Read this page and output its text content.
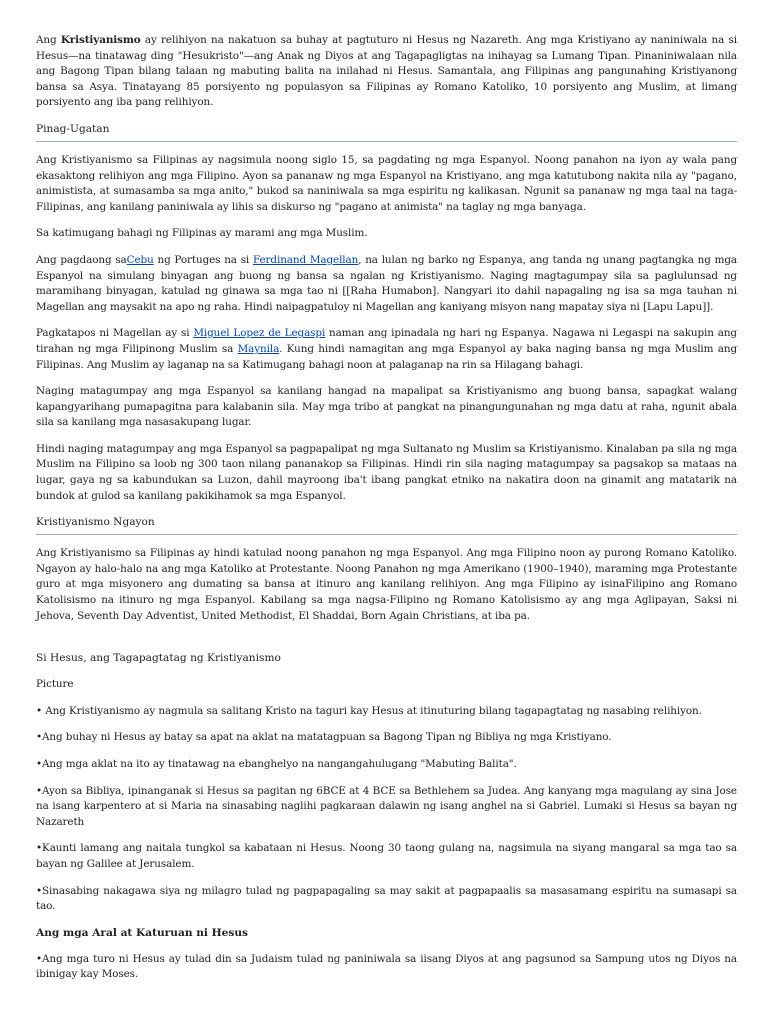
Ang Kristiyanismo ay relihiyon na nakatuon sa buhay at pagtuturo ni Hesus ng Nazareth. Ang mga Kristiyano ay naniniwala na si Hesus—na tinatawag ding "Hesukristo"—ang Anak ng Diyos at ang Tagapagligtas na inihayag sa Lumang Tipan. Pinaniniwalaan nila ang Bagong Tipan bilang talaan ng mabuting balita na inilahad ni Hesus. Samantala, ang Filipinas ang pangunahing Kristiyanong bansa sa Asya. Tinatayang 85 porsiyento ng populasyon sa Filipinas ay Romano Katoliko, 10 porsiyento ang Muslim, at limang porsiyento ang iba pang relihiyon.

Pinag-Ugatan

Ang Kristiyanismo sa Filipinas ay nagsimula noong siglo 15, sa pagdating ng mga Espanyol. Noong panahon na iyon ay wala pang ekasaktong relihiyon ang mga Filipino. Ayon sa pananaw ng mga Espanyol na Kristiyano, ang mga katutubong nakita nila ay "pagano, animistista, at sumasamba sa mga anito," bukod sa naniniwala sa mga espiritu ng kalikasan. Ngunit sa pananaw ng mga taal na taga-Filipinas, ang kanilang paniniwala ay lihis sa diskurso ng "pagano at animista" na taglay ng mga banyaga.

Sa katimugang bahagi ng Filipinas ay marami ang mga Muslim.

Ang pagdaong saCebu ng Portuges na si Ferdinand Magellan, na lulan ng barko ng Espanya, ang tanda ng unang pagtangka ng mga Espanyol na simulang binyagan ang buong ng bansa sa ngalan ng Kristiyanismo. Naging magtagumpay sila sa paglulunsad ng maramihang binyagan, katulad ng ginawa sa mga tao ni [[Raha Humabon]. Nangyari ito dahil napagaling ng isa sa mga tauhan ni Magellan ang maysakit na apo ng raha. Hindi naipagpatuloy ni Magellan ang kaniyang misyon nang mapatay siya ni [Lapu Lapu]].

Pagkatapos ni Magellan ay si Miguel Lopez de Legaspi naman ang ipinadala ng hari ng Espanya. Nagawa ni Legaspi na sakupin ang tirahan ng mga Filipinong Muslim sa Maynila. Kung hindi namagitan ang mga Espanyol ay baka naging bansa ng mga Muslim ang Filipinas. Ang Muslim ay laganap na sa Katimugang bahagi noon at palaganap na rin sa Hilagang bahagi.

Naging matagumpay ang mga Espanyol sa kanilang hangad na mapalipat sa Kristiyanismo ang buong bansa, sapagkat walang kapangyarihang pumapagitna para kalabanin sila. May mga tribo at pangkat na pinangungunahan ng mga datu at raha, ngunit abala sila sa kanilang mga nasasakupang lugar.

Hindi naging matagumpay ang mga Espanyol sa pagpapalipat ng mga Sultanato ng Muslim sa Kristiyanismo. Kinalaban pa sila ng mga Muslim na Filipino sa loob ng 300 taon nilang pananakop sa Filipinas. Hindi rin sila naging matagumpay sa pagsakop sa mataas na lugar, gaya ng sa kabundukan sa Luzon, dahil mayroong iba't ibang pangkat etniko na nakatira doon na ginamit ang matatarik na bundok at gulod sa kanilang pakikihamok sa mga Espanyol.

Kristiyanismo Ngayon

Ang Kristiyanismo sa Filipinas ay hindi katulad noong panahon ng mga Espanyol. Ang mga Filipino noon ay purong Romano Katoliko. Ngayon ay halo-halo na ang mga Katoliko at Protestante. Noong Panahon ng mga Amerikano (1900–1940), maraming mga Protestante guro at mga misyonero ang dumating sa bansa at itinuro ang kanilang relihiyon. Ang mga Filipino ay isinaFilipino ang Romano Katolisismo na itinuro ng mga Espanyol. Kabilang sa mga nagsa-Filipino ng Romano Katolisismo ay ang mga Aglipayan, Saksi ni Jehova, Seventh Day Adventist, United Methodist, El Shaddai, Born Again Christians, at iba pa.

Si Hesus, ang Tagapagtatag ng Kristiyanismo

Picture

• Ang Kristiyanismo ay nagmula sa salitang Kristo na taguri kay Hesus at itinuturing bilang tagapagtatag ng nasabing relihiyon.

•Ang buhay ni Hesus ay batay sa apat na aklat na matatagpuan sa Bagong Tipan ng Bibliya ng mga Kristiyano.

•Ang mga aklat na ito ay tinatawag na ebanghelyo na nangangahulugang "Mabuting Balita".

•Ayon sa Bibliya, ipinanganak si Hesus sa pagitan ng 6BCE at 4 BCE sa Bethlehem sa Judea. Ang kanyang mga magulang ay sina Jose na isang karpentero at si Maria na sinasabing naglihi pagkaraan dalawin ng isang anghel na si Gabriel. Lumaki si Hesus sa bayan ng Nazareth

•Kaunti lamang ang naitala tungkol sa kabataan ni Hesus. Noong 30 taong gulang na, nagsimula na siyang mangaral sa mga tao sa bayan ng Galilee at Jerusalem.

•Sinasabing nakagawa siya ng milagro tulad ng pagpapagaling sa may sakit at pagpapaalis sa masasamang espiritu na sumasapi sa tao.

Ang mga Aral at Katuruan ni Hesus

•Ang mga turo ni Hesus ay tulad din sa Judaism tulad ng paniniwala sa iisang Diyos at ang pagsunod sa Sampung utos ng Diyos na ibinigay kay Moses.
